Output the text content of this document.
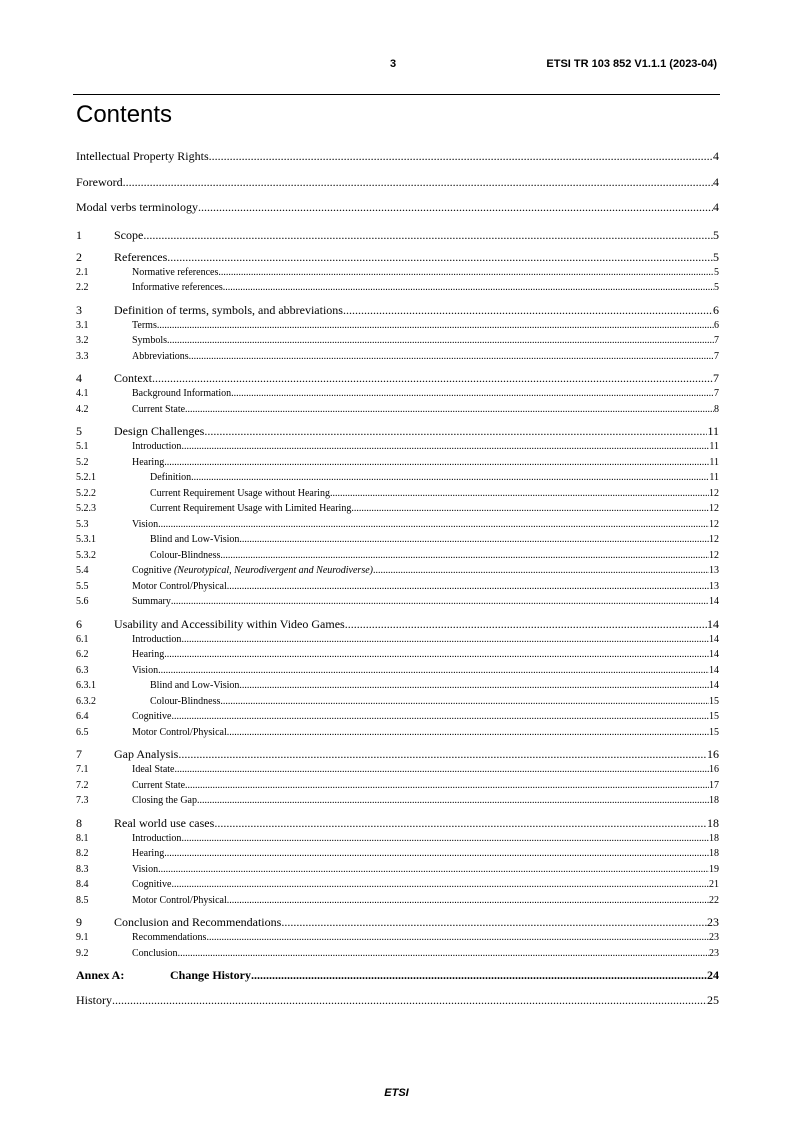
3	ETSI TR 103 852 V1.1.1 (2023-04)
Contents
Intellectual Property Rights .....	4
Foreword .....	4
Modal verbs terminology .....	4
1	Scope .....	5
2	References .....	5
2.1	Normative references .....	5
2.2	Informative references .....	5
3	Definition of terms, symbols, and abbreviations .....	6
3.1	Terms .....	6
3.2	Symbols .....	7
3.3	Abbreviations .....	7
4	Context .....	7
4.1	Background Information .....	7
4.2	Current State .....	8
5	Design Challenges .....	11
5.1	Introduction .....	11
5.2	Hearing .....	11
5.2.1	Definition .....	11
5.2.2	Current Requirement Usage without Hearing .....	12
5.2.3	Current Requirement Usage with Limited Hearing .....	12
5.3	Vision .....	12
5.3.1	Blind and Low-Vision .....	12
5.3.2	Colour-Blindness .....	12
5.4	Cognitive (Neurotypical, Neurodivergent and Neurodiverse) .....	13
5.5	Motor Control/Physical .....	13
5.6	Summary .....	14
6	Usability and Accessibility within Video Games .....	14
6.1	Introduction .....	14
6.2	Hearing .....	14
6.3	Vision .....	14
6.3.1	Blind and Low-Vision .....	14
6.3.2	Colour-Blindness .....	15
6.4	Cognitive .....	15
6.5	Motor Control/Physical .....	15
7	Gap Analysis .....	16
7.1	Ideal State .....	16
7.2	Current State .....	17
7.3	Closing the Gap .....	18
8	Real world use cases .....	18
8.1	Introduction .....	18
8.2	Hearing .....	18
8.3	Vision .....	19
8.4	Cognitive .....	21
8.5	Motor Control/Physical .....	22
9	Conclusion and Recommendations .....	23
9.1	Recommendations .....	23
9.2	Conclusion .....	23
Annex A:	Change History .....	24
History .....	25
ETSI
